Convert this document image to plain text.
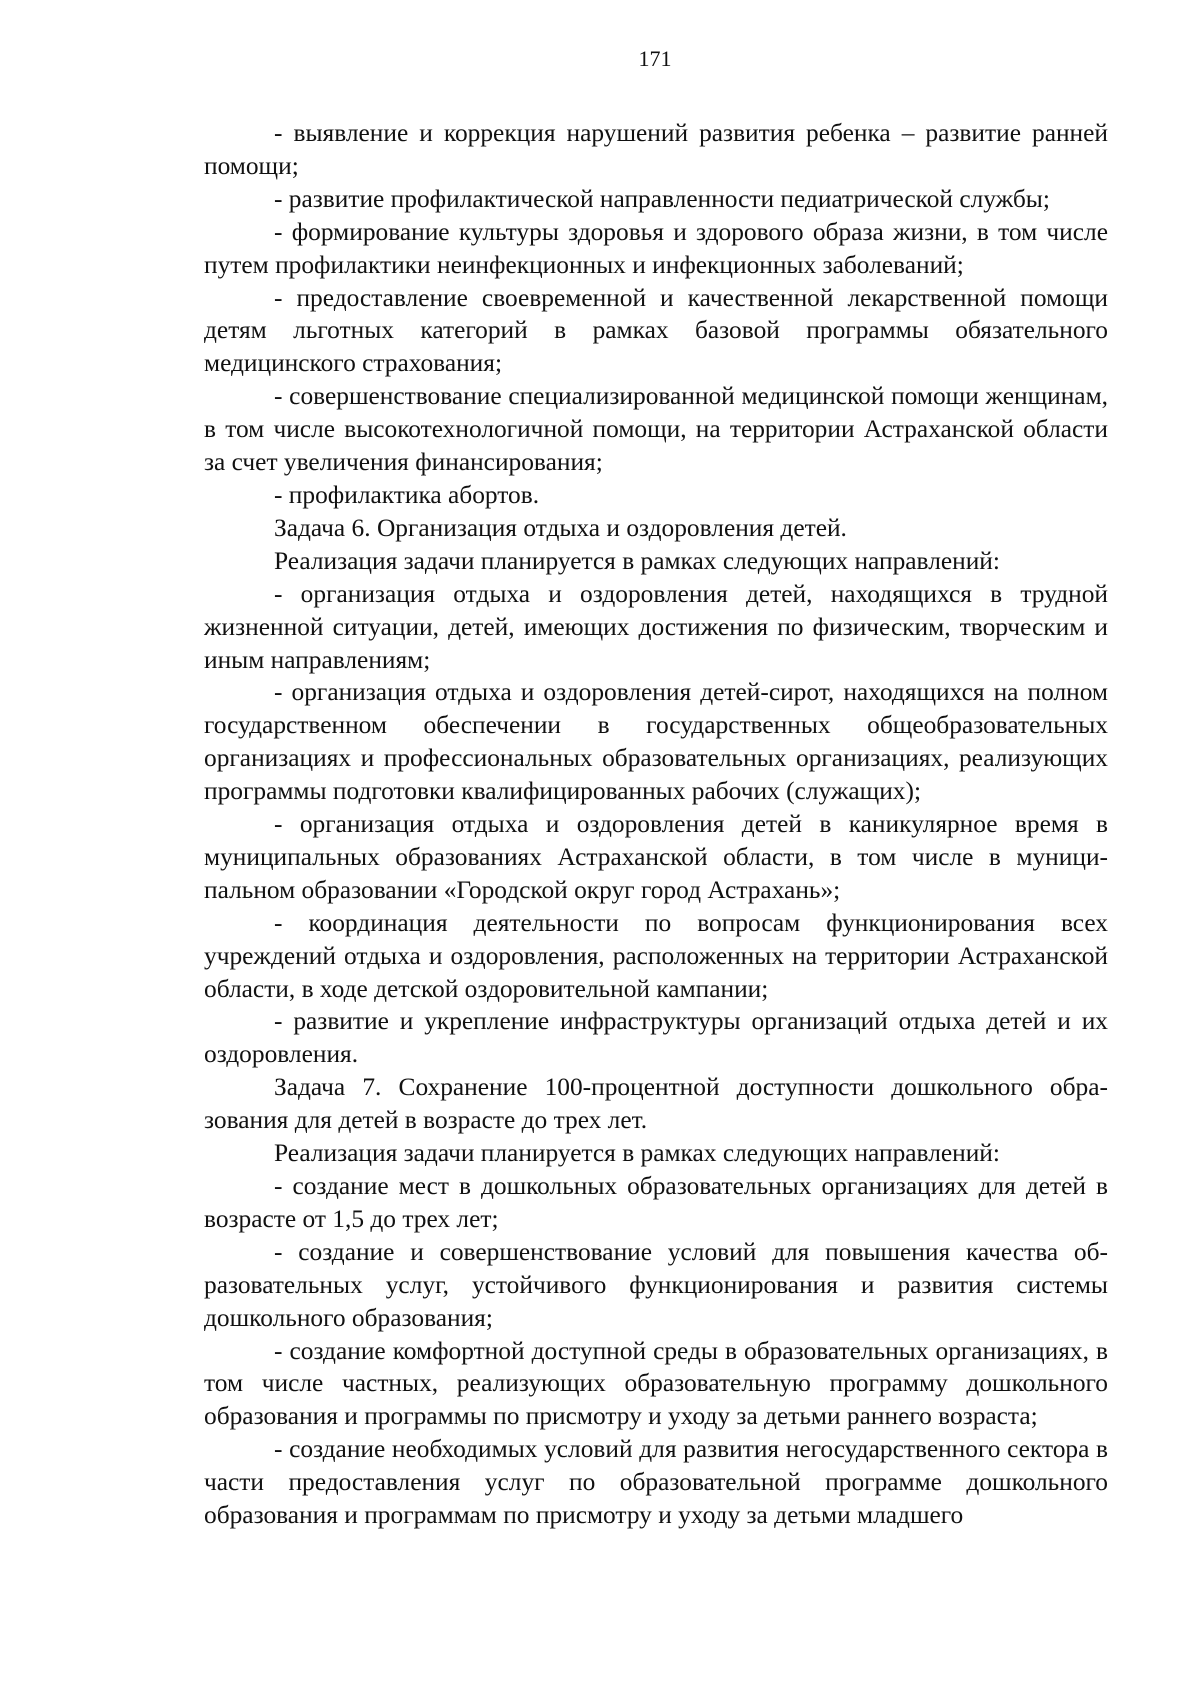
171

- выявление и коррекция нарушений развития ребенка – развитие ранней помощи;

- развитие профилактической направленности педиатрической службы;

- формирование культуры здоровья и здорового образа жизни, в том числе путем профилактики неинфекционных и инфекционных заболеваний;

- предоставление своевременной и качественной лекарственной помощи детям льготных категорий в рамках базовой программы обязательного медицинского страхования;

- совершенствование специализированной медицинской помощи женщинам, в том числе высокотехнологичной помощи, на территории Астраханской области за счет увеличения финансирования;

- профилактика абортов.

Задача 6. Организация отдыха и оздоровления детей.

Реализация задачи планируется в рамках следующих направлений:

- организация отдыха и оздоровления детей, находящихся в трудной жизненной ситуации, детей, имеющих достижения по физическим, творческим и иным направлениям;

- организация отдыха и оздоровления детей-сирот, находящихся на полном государственном обеспечении в государственных общеобразовательных организациях и профессиональных образовательных организациях, реализующих программы подготовки квалифицированных рабочих (служащих);

- организация отдыха и оздоровления детей в каникулярное время в муниципальных образованиях Астраханской области, в том числе в муниципальном образовании «Городской округ город Астрахань»;

- координация деятельности по вопросам функционирования всех учреждений отдыха и оздоровления, расположенных на территории Астраханской области, в ходе детской оздоровительной кампании;

- развитие и укрепление инфраструктуры организаций отдыха детей и их оздоровления.

Задача 7. Сохранение 100-процентной доступности дошкольного образования для детей в возрасте до трех лет.

Реализация задачи планируется в рамках следующих направлений:

- создание мест в дошкольных образовательных организациях для детей в возрасте от 1,5 до трех лет;

- создание и совершенствование условий для повышения качества образовательных услуг, устойчивого функционирования и развития системы дошкольного образования;

- создание комфортной доступной среды в образовательных организациях, в том числе частных, реализующих образовательную программу дошкольного образования и программы по присмотру и уходу за детьми раннего возраста;

- создание необходимых условий для развития негосударственного сектора в части предоставления услуг по образовательной программе дошкольного образования и программам по присмотру и уходу за детьми младшего
